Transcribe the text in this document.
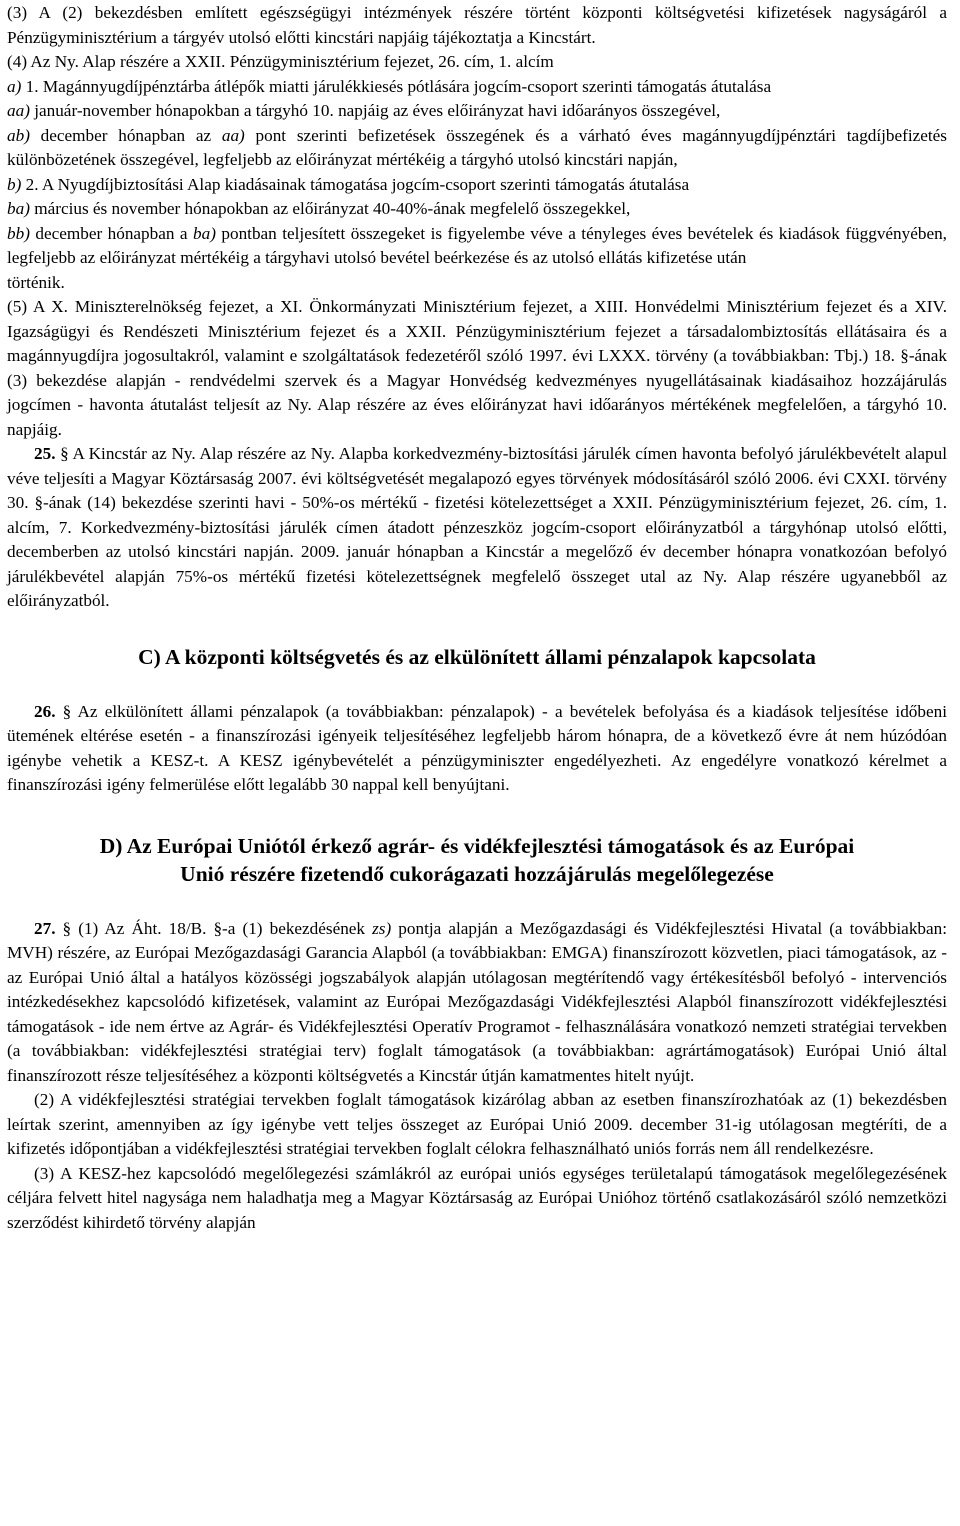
(3) A (2) bekezdésben említett egészségügyi intézmények részére történt központi költségvetési kifizetések nagyságáról a Pénzügyminisztérium a tárgyév utolsó előtti kincstári napjáig tájékoztatja a Kincstárt.

(4) Az Ny. Alap részére a XXII. Pénzügyminisztérium fejezet, 26. cím, 1. alcím

a) 1. Magánnyugdíjpénztárba átlépők miatti járulékkiesés pótlására jogcím-csoport szerinti támogatás átutalása

aa) január-november hónapokban a tárgyhó 10. napjáig az éves előirányzat havi időarányos összegével,

ab) december hónapban az aa) pont szerinti befizetések összegének és a várható éves magánnyugdíjpénztári tagdíjbefizetés különbözetének összegével, legfeljebb az előirányzat mértékéig a tárgyhó utolsó kincstári napján,

b) 2. A Nyugdíjbiztosítási Alap kiadásainak támogatása jogcím-csoport szerinti támogatás átutalása

ba) március és november hónapokban az előirányzat 40-40%-ának megfelelő összegekkel,

bb) december hónapban a ba) pontban teljesített összegeket is figyelembe véve a tényleges éves bevételek és kiadások függvényében, legfeljebb az előirányzat mértékéig a tárgyhavi utolsó bevétel beérkezése és az utolsó ellátás kifizetése után

történik.

(5) A X. Miniszterelnökség fejezet, a XI. Önkormányzati Minisztérium fejezet, a XIII. Honvédelmi Minisztérium fejezet és a XIV. Igazságügyi és Rendészeti Minisztérium fejezet és a XXII. Pénzügyminisztérium fejezet a társadalombiztosítás ellátásaira és a magánnyugdíjra jogosultakról, valamint e szolgáltatások fedezetéről szóló 1997. évi LXXX. törvény (a továbbiakban: Tbj.) 18. §-ának (3) bekezdése alapján - rendvédelmi szervek és a Magyar Honvédség kedvezményes nyugellátásainak kiadásaihoz hozzájárulás jogcímen - havonta átutalást teljesít az Ny. Alap részére az éves előirányzat havi időarányos mértékének megfelelően, a tárgyhó 10. napjáig.

25. § A Kincstár az Ny. Alap részére az Ny. Alapba korkedvezmény-biztosítási járulék címen havonta befolyó járulékbevételt alapul véve teljesíti a Magyar Köztársaság 2007. évi költségvetését megalapozó egyes törvények módosításáról szóló 2006. évi CXXI. törvény 30. §-ának (14) bekezdése szerinti havi - 50%-os mértékű - fizetési kötelezettséget a XXII. Pénzügyminisztérium fejezet, 26. cím, 1. alcím, 7. Korkedvezmény-biztosítási járulék címen átadott pénzeszköz jogcím-csoport előirányzatból a tárgyhónap utolsó előtti, decemberben az utolsó kincstári napján. 2009. január hónapban a Kincstár a megelőző év december hónapra vonatkozóan befolyó járulékbevétel alapján 75%-os mértékű fizetési kötelezettségnek megfelelő összeget utal az Ny. Alap részére ugyanebből az előirányzatból.

C) A központi költségvetés és az elkülönített állami pénzalapok kapcsolata

26. § Az elkülönített állami pénzalapok (a továbbiakban: pénzalapok) - a bevételek befolyása és a kiadások teljesítése időbeni ütemének eltérése esetén - a finanszírozási igényeik teljesítéséhez legfeljebb három hónapra, de a következő évre át nem húzódóan igénybe vehetik a KESZ-t. A KESZ igénybevételét a pénzügyminiszter engedélyezheti. Az engedélyre vonatkozó kérelmet a finanszírozási igény felmerülése előtt legalább 30 nappal kell benyújtani.

D) Az Európai Uniótól érkező agrár- és vidékfejlesztési támogatások és az Európai
Unió részére fizetendő cukorágazati hozzájárulás megelőlegezése

27. § (1) Az Áht. 18/B. §-a (1) bekezdésének zs) pontja alapján a Mezőgazdasági és Vidékfejlesztési Hivatal (a továbbiakban: MVH) részére, az Európai Mezőgazdasági Garancia Alapból (a továbbiakban: EMGA) finanszírozott közvetlen, piaci támogatások, az - az Európai Unió által a hatályos közösségi jogszabályok alapján utólagosan megtérítendő vagy értékesítésből befolyó - intervenciós intézkedésekhez kapcsolódó kifizetések, valamint az Európai Mezőgazdasági Vidékfejlesztési Alapból finanszírozott vidékfejlesztési támogatások - ide nem értve az Agrár- és Vidékfejlesztési Operatív Programot - felhasználására vonatkozó nemzeti stratégiai tervekben (a továbbiakban: vidékfejlesztési stratégiai terv) foglalt támogatások (a továbbiakban: agrártámogatások) Európai Unió által finanszírozott része teljesítéséhez a központi költségvetés a Kincstár útján kamatmentes hitelt nyújt.

(2) A vidékfejlesztési stratégiai tervekben foglalt támogatások kizárólag abban az esetben finanszírozhatóak az (1) bekezdésben leírtak szerint, amennyiben az így igénybe vett teljes összeget az Európai Unió 2009. december 31-ig utólagosan megtéríti, de a kifizetés időpontjában a vidékfejlesztési stratégiai tervekben foglalt célokra felhasználható uniós forrás nem áll rendelkezésre.

(3) A KESZ-hez kapcsolódó megelőlegezési számlákról az európai uniós egységes területalapú támogatások megelőlegezésének céljára felvett hitel nagysága nem haladhatja meg a Magyar Köztársaság az Európai Unióhoz történő csatlakozásáról szóló nemzetközi szerződést kihirdető törvény alapján
